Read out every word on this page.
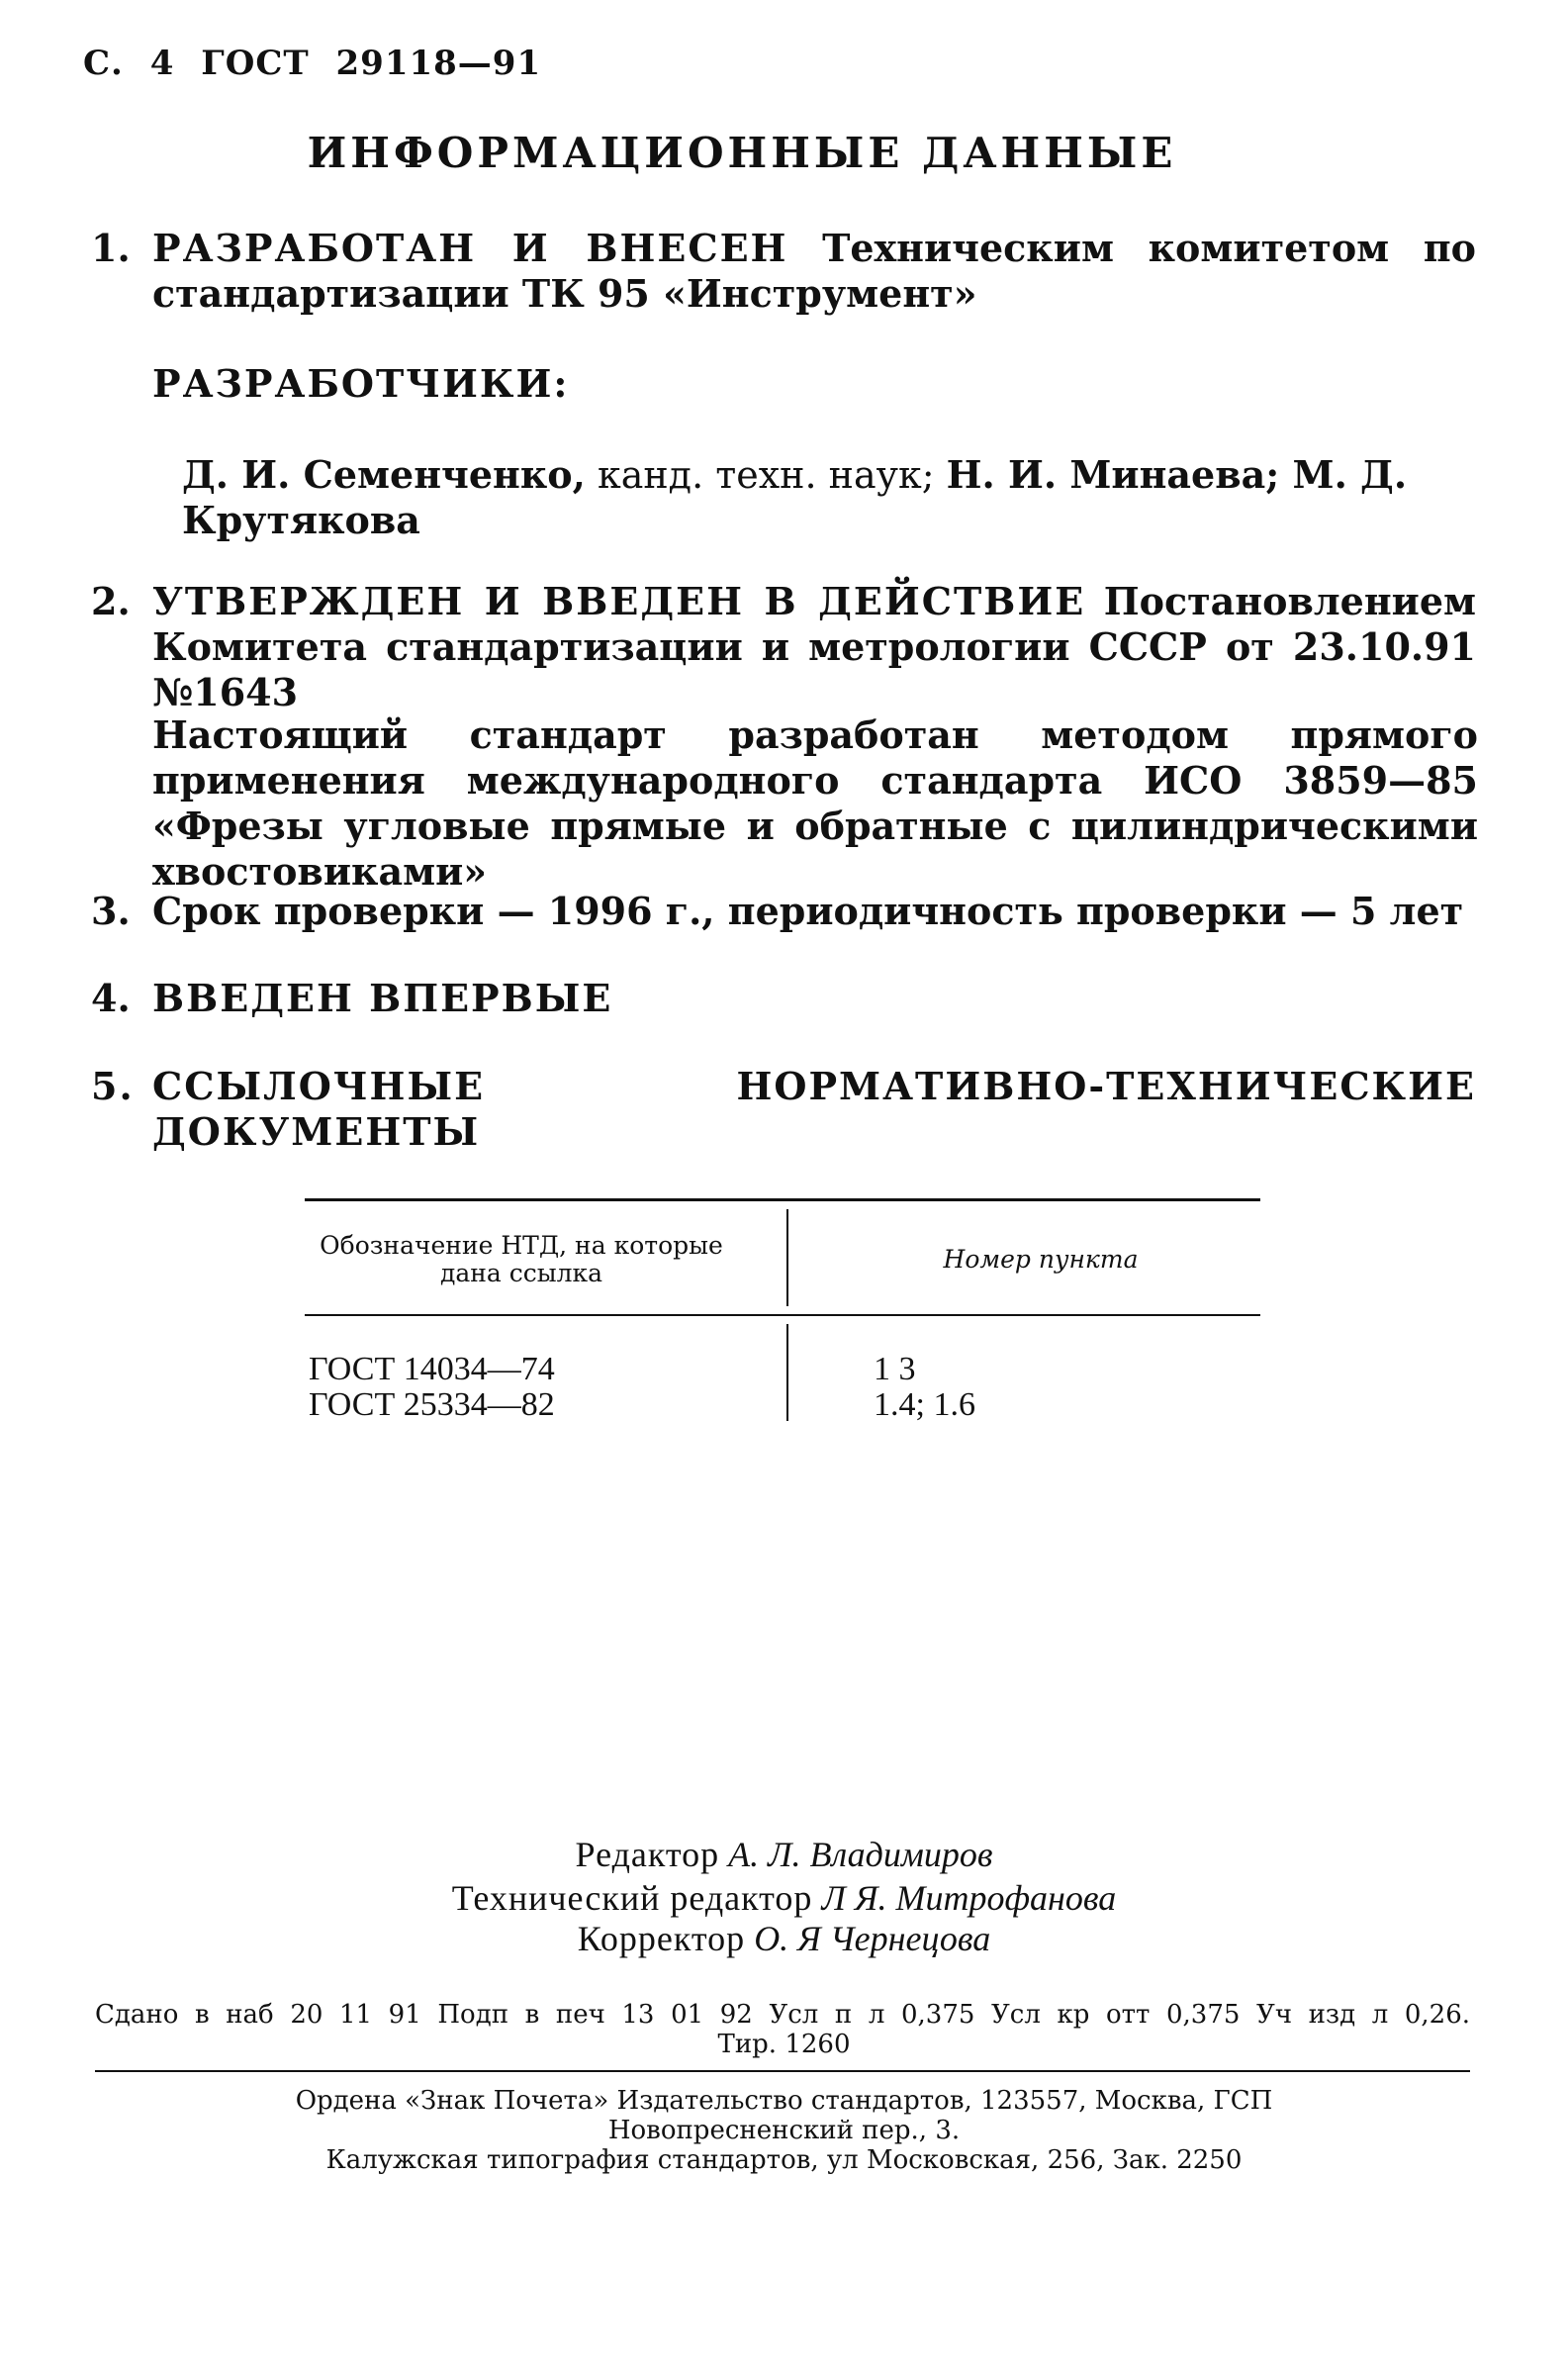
С. 4 ГОСТ 29118—91
ИНФОРМАЦИОННЫЕ ДАННЫЕ
1. РАЗРАБОТАН И ВНЕСЕН Техническим комитетом по стандартизации ТК 95 «Инструмент»
РАЗРАБОТЧИКИ:
Д. И. Семенченко, канд. техн. наук; Н. И. Минаева; М. Д. Крутякова
2. УТВЕРЖДЕН И ВВЕДЕН В ДЕЙСТВИЕ Постановлением Комитета стандартизации и метрологии СССР от 23.10.91 №1643
Настоящий стандарт разработан методом прямого применения международного стандарта ИСО 3859—85 «Фрезы угловые прямые и обратные с цилиндрическими хвостовиками»
3. Срок проверки — 1996 г., периодичность проверки — 5 лет
4. ВВЕДЕН ВПЕРВЫЕ
5. ССЫЛОЧНЫЕ НОРМАТИВНО-ТЕХНИЧЕСКИЕ ДОКУМЕНТЫ
Обозначение НТД, на которые дана ссылка	Номер пункта
ГОСТ 14034—74	1 3
ГОСТ 25334—82	1.4; 1.6
Редактор А. Л. Владимиров
Технический редактор Л Я. Митрофанова
Корректор О. Я Чернецова
Сдано в наб 20 11 91 Подп в печ 13 01 92 Усл п л 0,375 Усл кр отт 0,375 Уч изд л 0,26.
Тир. 1260
Ордена «Знак Почета» Издательство стандартов, 123557, Москва, ГСП
Новопресненский пер., 3.
Калужская типография стандартов, ул Московская, 256, Зак. 2250
